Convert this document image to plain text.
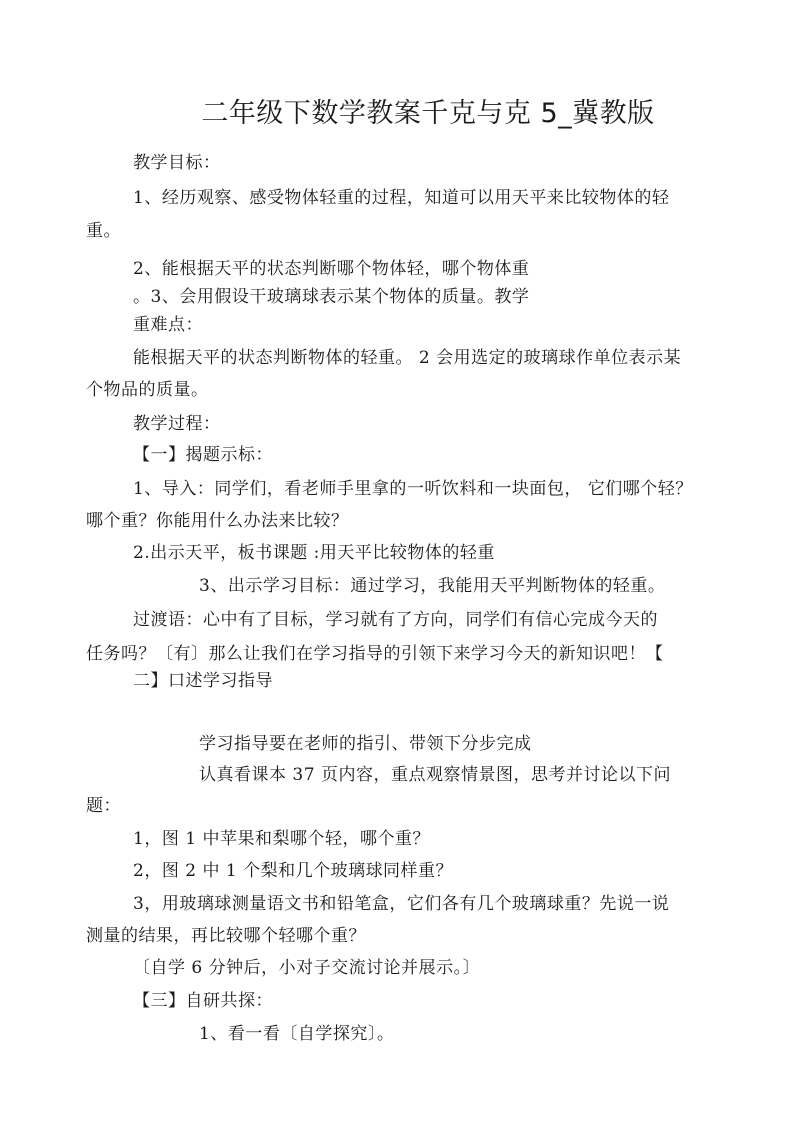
二年级下数学教案千克与克 5_冀教版
教学目标：
1、经历观察、感受物体轻重的过程，知道可以用天平来比较物体的轻
重。
2、能根据天平的状态判断哪个物体轻，哪个物体重
。3、会用假设干玻璃球表示某个物体的质量。教学
重难点：
能根据天平的状态判断物体的轻重。 2 会用选定的玻璃球作单位表示某
个物品的质量。
教学过程：
【一】揭题示标：
1、导入：同学们，看老师手里拿的一听饮料和一块面包， 它们哪个轻？
哪个重？你能用什么办法来比较？
2.出示天平，板书课题 :用天平比较物体的轻重
3、出示学习目标：通过学习，我能用天平判断物体的轻重。
过渡语：心中有了目标，学习就有了方向，同学们有信心完成今天的
任务吗？〔有〕那么让我们在学习指导的引领下来学习今天的新知识吧！【
二】口述学习指导
学习指导要在老师的指引、带领下分步完成
认真看课本 37 页内容，重点观察情景图，思考并讨论以下问
题：
1，图 1 中苹果和梨哪个轻，哪个重？
2，图 2 中 1 个梨和几个玻璃球同样重？
3，用玻璃球测量语文书和铅笔盒，它们各有几个玻璃球重？先说一说
测量的结果，再比较哪个轻哪个重？
〔自学 6 分钟后，小对子交流讨论并展示。〕
【三】自研共探：
1、看一看〔自学探究〕。
